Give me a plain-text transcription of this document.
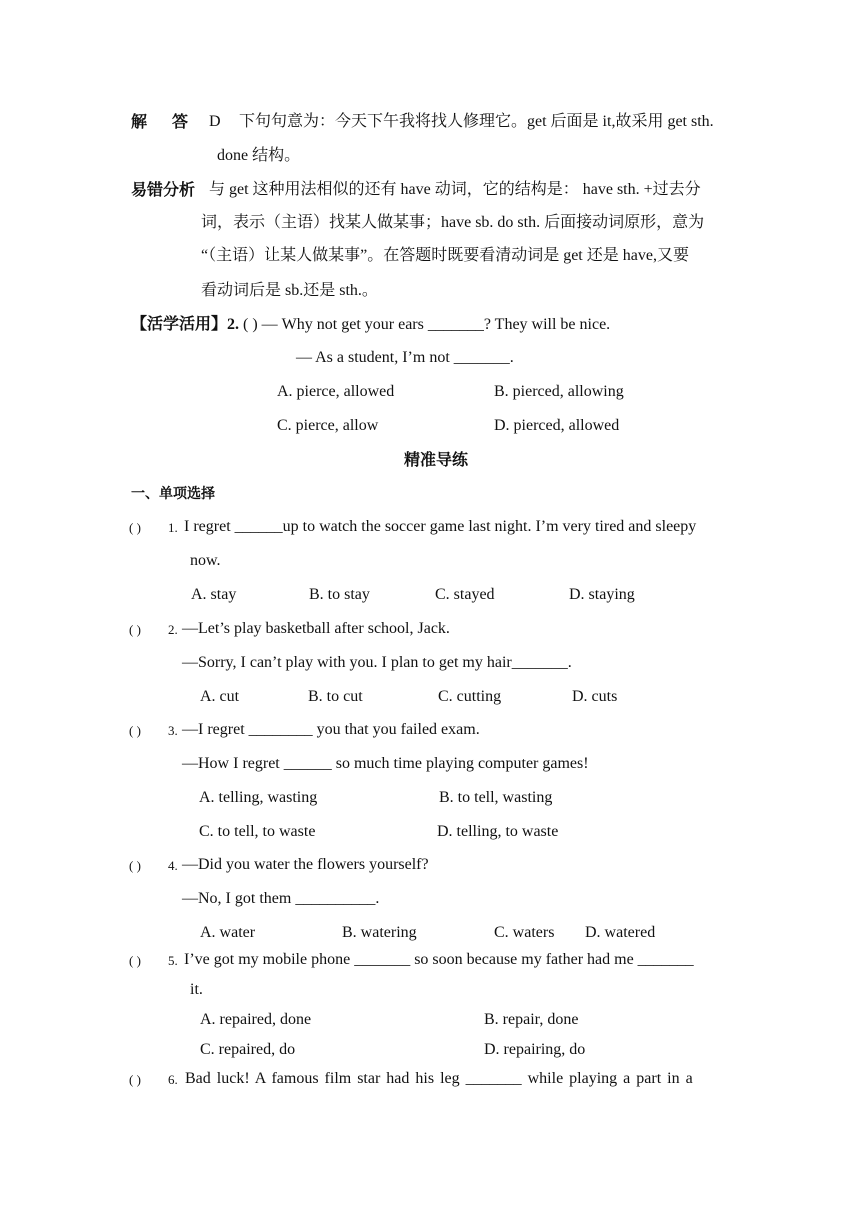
解 答 D 下句句意为：今天下午我将找人修理它。get 后面是 it,故采用 get sth.
done 结构。
易错分析 与 get 这种用法相似的还有 have 动词，它的结构是： have sth. +过去分
词，表示（主语）找某人做某事；have sb. do sth. 后面接动词原形，意为
“（主语）让某人做某事”。在答题时既要看清动词是 get 还是 have,又要
看动词后是 sb.还是 sth.。
【活学活用】2. ( ) — Why not get your ears _______? They will be nice.
— As a student, I’m not _______.
A. pierce, allowed	B. pierced, allowing
C. pierce, allow	D. pierced, allowed
精准导练
一、单项选择
( ) 1. I regret ______up to watch the soccer game last night. I’m very tired and sleepy
now.
A. stay	B. to stay	C. stayed	D. staying
( ) 2. —Let’s play basketball after school, Jack.
—Sorry, I can’t play with you. I plan to get my hair_______.
A. cut	B. to cut	C. cutting	D. cuts
( ) 3. —I regret ________ you that you failed exam.
—How I regret ______ so much time playing computer games!
A. telling, wasting	B. to tell, wasting
C. to tell, to waste	D. telling, to waste
( ) 4. —Did you water the flowers yourself?
—No, I got them __________.
A. water	B. watering	C. waters D. watered
( ) 5. I’ve got my mobile phone _______ so soon because my father had me _______
it.
A. repaired, done	B. repair, done
C. repaired, do	D. repairing, do
( ) 6. Bad luck! A famous film star had his leg _______ while playing a part in a
